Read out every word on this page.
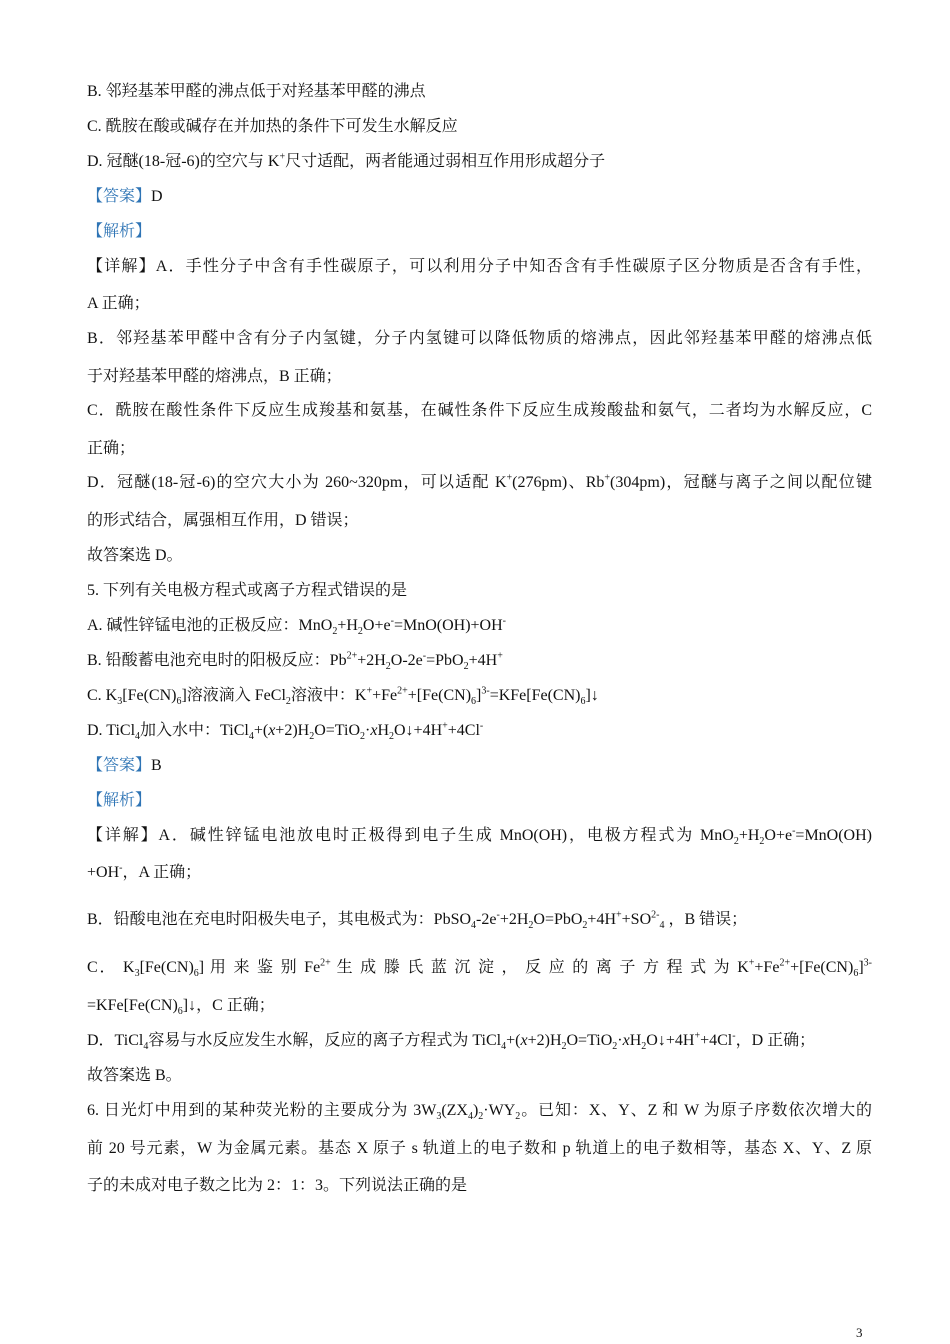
B. 邻羟基苯甲醛的沸点低于对羟基苯甲醛的沸点
C. 酰胺在酸或碱存在并加热的条件下可发生水解反应
D. 冠醚(18-冠-6)的空穴与 K+尺寸适配，两者能通过弱相互作用形成超分子
【答案】D
【解析】
【详解】A．手性分子中含有手性碳原子，可以利用分子中知否含有手性碳原子区分物质是否含有手性，
A 正确；
B．邻羟基苯甲醛中含有分子内氢键，分子内氢键可以降低物质的熔沸点，因此邻羟基苯甲醛的熔沸点低
于对羟基苯甲醛的熔沸点，B 正确；
C．酰胺在酸性条件下反应生成羧基和氨基，在碱性条件下反应生成羧酸盐和氨气，二者均为水解反应，C
正确；
D．冠醚(18-冠-6)的空穴大小为 260~320pm，可以适配 K+(276pm)、Rb+(304pm)，冠醚与离子之间以配位键
的形式结合，属强相互作用，D 错误；
故答案选 D。
5. 下列有关电极方程式或离子方程式错误的是
A. 碱性锌锰电池的正极反应：$MnO_2+H_2O+e^-=MnO(OH)+OH^-$
B. 铅酸蓄电池充电时的阳极反应：$Pb^{2+}+2H_2O-2e^-=PbO_2+4H^+$
C. $K_3[Fe(CN)_6]$溶液滴入 FeCl$_2$溶液中：$K^++Fe^{2+}+[Fe(CN)_6]^{3-}=KFe[Fe(CN)_6]↓$
D. TiCl$_4$加入水中：$TiCl_4+(x+2)H_2O=TiO_2\cdot xH_2O↓+4H^++4Cl^-$
【答案】B
【解析】
【详解】A．碱性锌锰电池放电时正极得到电子生成 MnO(OH)，电极方程式为 $MnO_2+H_2O+e^-=MnO(OH)$
+OH-，A 正确；
B．铅酸电池在充电时阳极失电子，其电极式为：$PbSO_4-2e^-+2H_2O=PbO_2+4H^++SO^{2-}_4$ ，B 错误；
C． $K_3[Fe(CN)_6]$ 用 来 鉴 别 $Fe^{2+}$ 生 成 滕 氏 蓝 沉 淀 ， 反 应 的 离 子 方 程 式 为 $K^++Fe^{2+}+[Fe(CN)_6]^{3-}$
$=KFe[Fe(CN)_6]↓$，C 正确；
D．TiCl$_4$容易与水反应发生水解，反应的离子方程式为 $TiCl_4+(x+2)H_2O=TiO_2\cdot xH_2O↓+4H^++4Cl^-$，D 正确；
故答案选 B。
6. 日光灯中用到的某种荧光粉的主要成分为 $3W_3(ZX_4)_2\cdot WY_2$。已知：X、Y、Z 和 W 为原子序数依次增大的
前 20 号元素，W 为金属元素。基态 X 原子 s 轨道上的电子数和 p 轨道上的电子数相等，基态 X、Y、Z 原
子的未成对电子数之比为 2：1：3。下列说法正确的是
3
